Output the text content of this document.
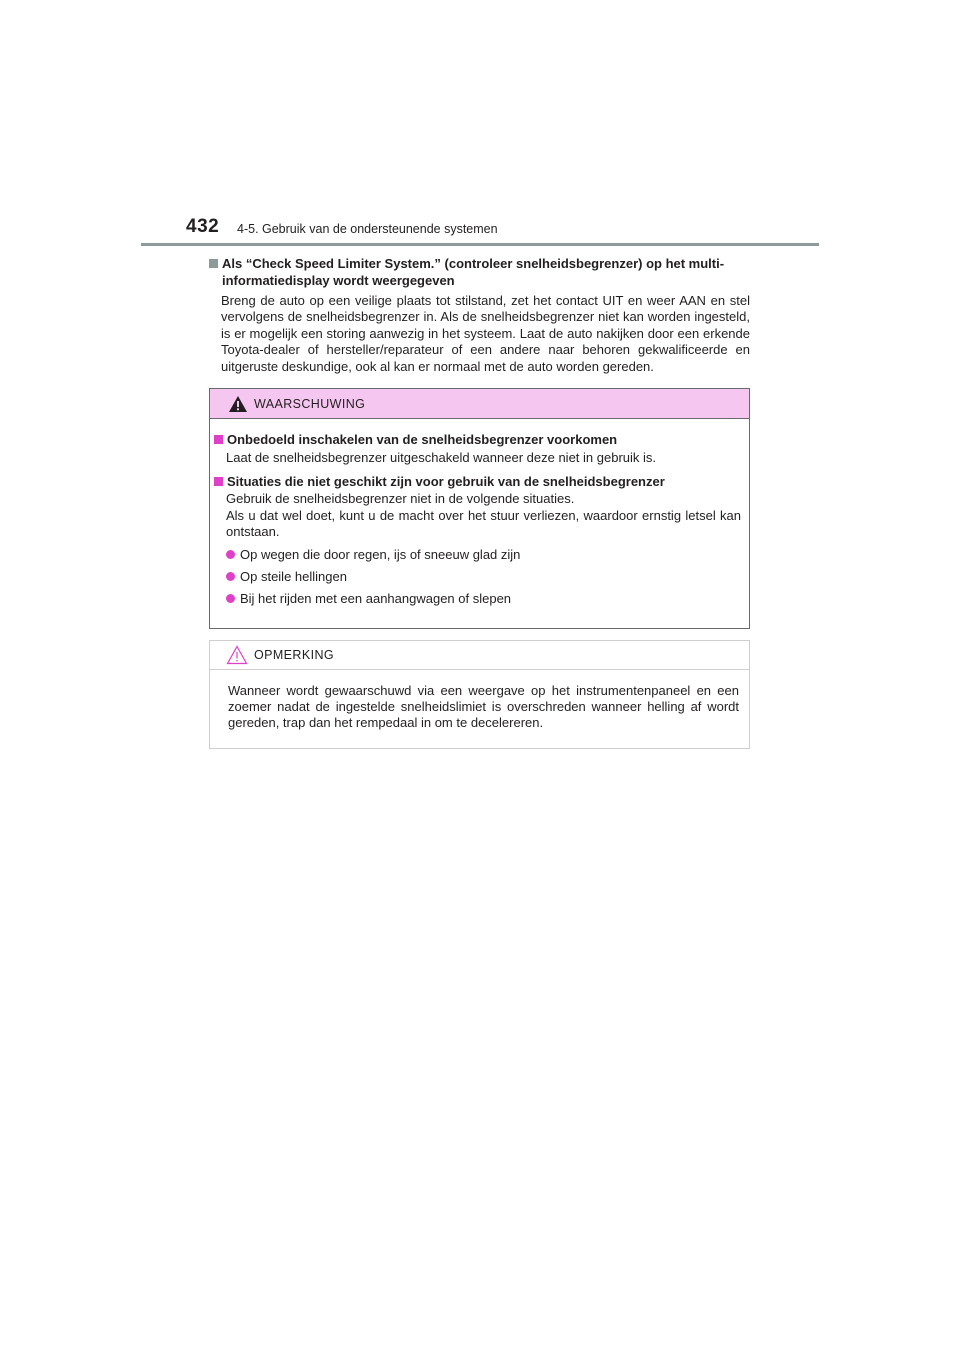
432 4-5. Gebruik van de ondersteunende systemen
Als “Check Speed Limiter System.” (controleer snelheidsbegrenzer) op het multi-informatiedisplay wordt weergegeven
Breng de auto op een veilige plaats tot stilstand, zet het contact UIT en weer AAN en stel vervolgens de snelheidsbegrenzer in. Als de snelheidsbegrenzer niet kan worden ingesteld, is er mogelijk een storing aanwezig in het systeem. Laat de auto nakijken door een erkende Toyota-dealer of hersteller/reparateur of een andere naar behoren gekwalificeerde en uitgeruste deskundige, ook al kan er normaal met de auto worden gereden.
WAARSCHUWING
Onbedoeld inschakelen van de snelheidsbegrenzer voorkomen
Laat de snelheidsbegrenzer uitgeschakeld wanneer deze niet in gebruik is.
Situaties die niet geschikt zijn voor gebruik van de snelheidsbegrenzer
Gebruik de snelheidsbegrenzer niet in de volgende situaties.
Als u dat wel doet, kunt u de macht over het stuur verliezen, waardoor ernstig letsel kan ontstaan.
Op wegen die door regen, ijs of sneeuw glad zijn
Op steile hellingen
Bij het rijden met een aanhangwagen of slepen
OPMERKING
Wanneer wordt gewaarschuwd via een weergave op het instrumentenpaneel en een zoemer nadat de ingestelde snelheidslimiet is overschreden wanneer helling af wordt gereden, trap dan het rempedaal in om te decelereren.
